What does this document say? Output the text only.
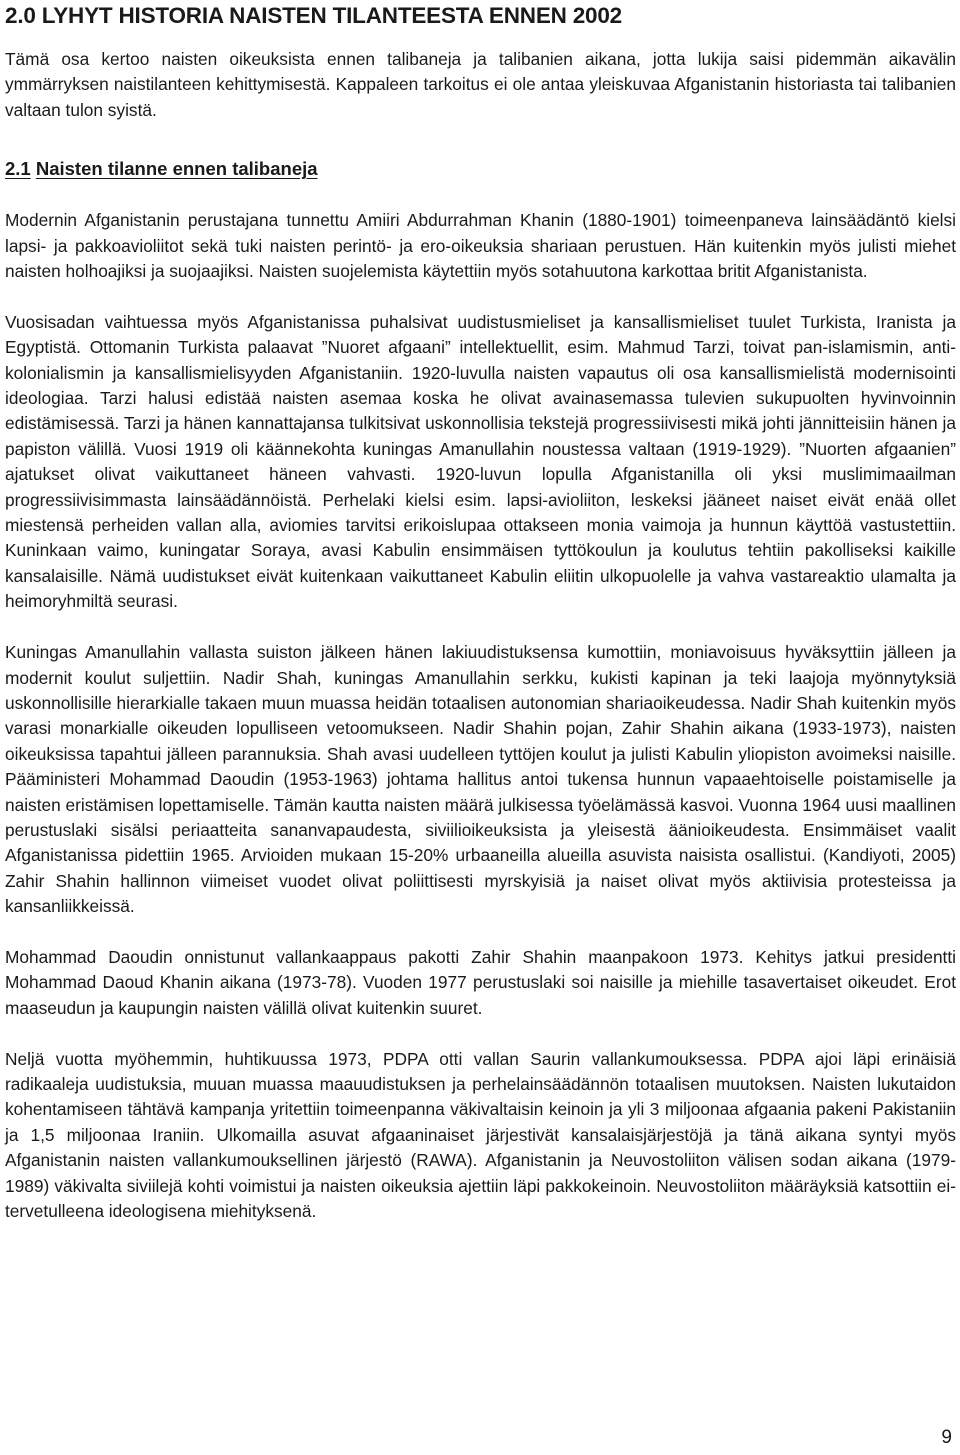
2.0 LYHYT HISTORIA NAISTEN TILANTEESTA ENNEN 2002

Tämä osa kertoo naisten oikeuksista ennen talibaneja ja talibanien aikana, jotta lukija saisi pidemmän aikavälin ymmärryksen naistilanteen kehittymisestä. Kappaleen tarkoitus ei ole antaa yleiskuvaa Afganistanin historiasta tai talibanien valtaan tulon syistä.

2.1 Naisten tilanne ennen talibaneja

Modernin Afganistanin perustajana tunnettu Amiiri Abdurrahman Khanin (1880-1901) toimeenpaneva lainsäädäntö kielsi lapsi- ja pakkoavioliitot sekä tuki naisten perintö- ja ero-oikeuksia shariaan perustuen. Hän kuitenkin myös julisti miehet naisten holhoajiksi ja suojaajiksi. Naisten suojelemista käytettiin myös sotahuutona karkottaa britit Afganistanista.

Vuosisadan vaihtuessa myös Afganistanissa puhalsivat uudistusmieliset ja kansallismieliset tuulet Turkista, Iranista ja Egyptistä. Ottomanin Turkista palaavat ”Nuoret afgaani” intellektuellit, esim. Mahmud Tarzi, toivat pan-islamismin, anti-kolonialismin ja kansallismielisyyden Afganistaniin. 1920-luvulla naisten vapautus oli osa kansallismielistä modernisointi ideologiaa. Tarzi halusi edistää naisten asemaa koska he olivat avainasemassa tulevien sukupuolten hyvinvoinnin edistämisessä. Tarzi ja hänen kannattajansa tulkitsivat uskonnollisia tekstejä progressiivisesti mikä johti jännitteisiin hänen ja papiston välillä. Vuosi 1919 oli käännekohta kuningas Amanullahin noustessa valtaan (1919-1929). ”Nuorten afgaanien” ajatukset olivat vaikuttaneet häneen vahvasti. 1920-luvun lopulla Afganistanilla oli yksi muslimimaailman progressiivisimmasta lainsäädännöistä. Perhelaki kielsi esim. lapsi-avioliiton, leskeksi jääneet naiset eivät enää ollet miestensä perheiden vallan alla, aviomies tarvitsi erikoislupaa ottakseen monia vaimoja ja hunnun käyttöä vastustettiin. Kuninkaan vaimo, kuningatar Soraya, avasi Kabulin ensimmäisen tyttökoulun ja koulutus tehtiin pakolliseksi kaikille kansalaisille. Nämä uudistukset eivät kuitenkaan vaikuttaneet Kabulin eliitin ulkopuolelle ja vahva vastareaktio ulamalta ja heimoryhmiltä seurasi.

Kuningas Amanullahin vallasta suiston jälkeen hänen lakiuudistuksensa kumottiin, moniavoisuus hyväksyttiin jälleen ja modernit koulut suljettiin. Nadir Shah, kuningas Amanullahin serkku, kukisti kapinan ja teki laajoja myönnytyksiä uskonnollisille hierarkialle takaen muun muassa heidän totaalisen autonomian shariaoikeudessa. Nadir Shah kuitenkin myös varasi monarkialle oikeuden lopulliseen vetoomukseen. Nadir Shahin pojan, Zahir Shahin aikana (1933-1973), naisten oikeuksissa tapahtui jälleen parannuksia. Shah avasi uudelleen tyttöjen koulut ja julisti Kabulin yliopiston avoimeksi naisille. Pääministeri Mohammad Daoudin (1953-1963) johtama hallitus antoi tukensa hunnun vapaaehtoiselle poistamiselle ja naisten eristämisen lopettamiselle. Tämän kautta naisten määrä julkisessa työelämässä kasvoi. Vuonna 1964 uusi maallinen perustuslaki sisälsi periaatteita sananvapaudesta, siviilioikeuksista ja yleisestä äänioikeudesta. Ensimmäiset vaalit Afganistanissa pidettiin 1965. Arvioiden mukaan 15-20% urbaaneilla alueilla asuvista naisista osallistui. (Kandiyoti, 2005) Zahir Shahin hallinnon viimeiset vuodet olivat poliittisesti myrskyisiä ja naiset olivat myös aktiivisia protesteissa ja kansanliikkeissä.

Mohammad Daoudin onnistunut vallankaappaus pakotti Zahir Shahin maanpakoon 1973. Kehitys jatkui presidentti Mohammad Daoud Khanin aikana (1973-78). Vuoden 1977 perustuslaki soi naisille ja miehille tasavertaiset oikeudet. Erot maaseudun ja kaupungin naisten välillä olivat kuitenkin suuret.

Neljä vuotta myöhemmin, huhtikuussa 1973, PDPA otti vallan Saurin vallankumouksessa. PDPA ajoi läpi erinäisiä radikaaleja uudistuksia, muuan muassa maauudistuksen ja perhelainsäädännön totaalisen muutoksen. Naisten lukutaidon kohentamiseen tähtävä kampanja yritettiin toimeenpanna väkivaltaisin keinoin ja yli 3 miljoonaa afgaania pakeni Pakistaniin ja 1,5 miljoonaa Iraniin. Ulkomailla asuvat afgaaninaiset järjestivät kansalaisjärjestöjä ja tänä aikana syntyi myös Afganistanin naisten vallankumouksellinen järjestö (RAWA). Afganistanin ja Neuvostoliiton välisen sodan aikana (1979-1989) väkivalta siviilejä kohti voimistui ja naisten oikeuksia ajettiin läpi pakkokeinoin. Neuvostoliiton määräyksiä katsottiin ei-tervetulleena ideologisena miehityksenä.

9
